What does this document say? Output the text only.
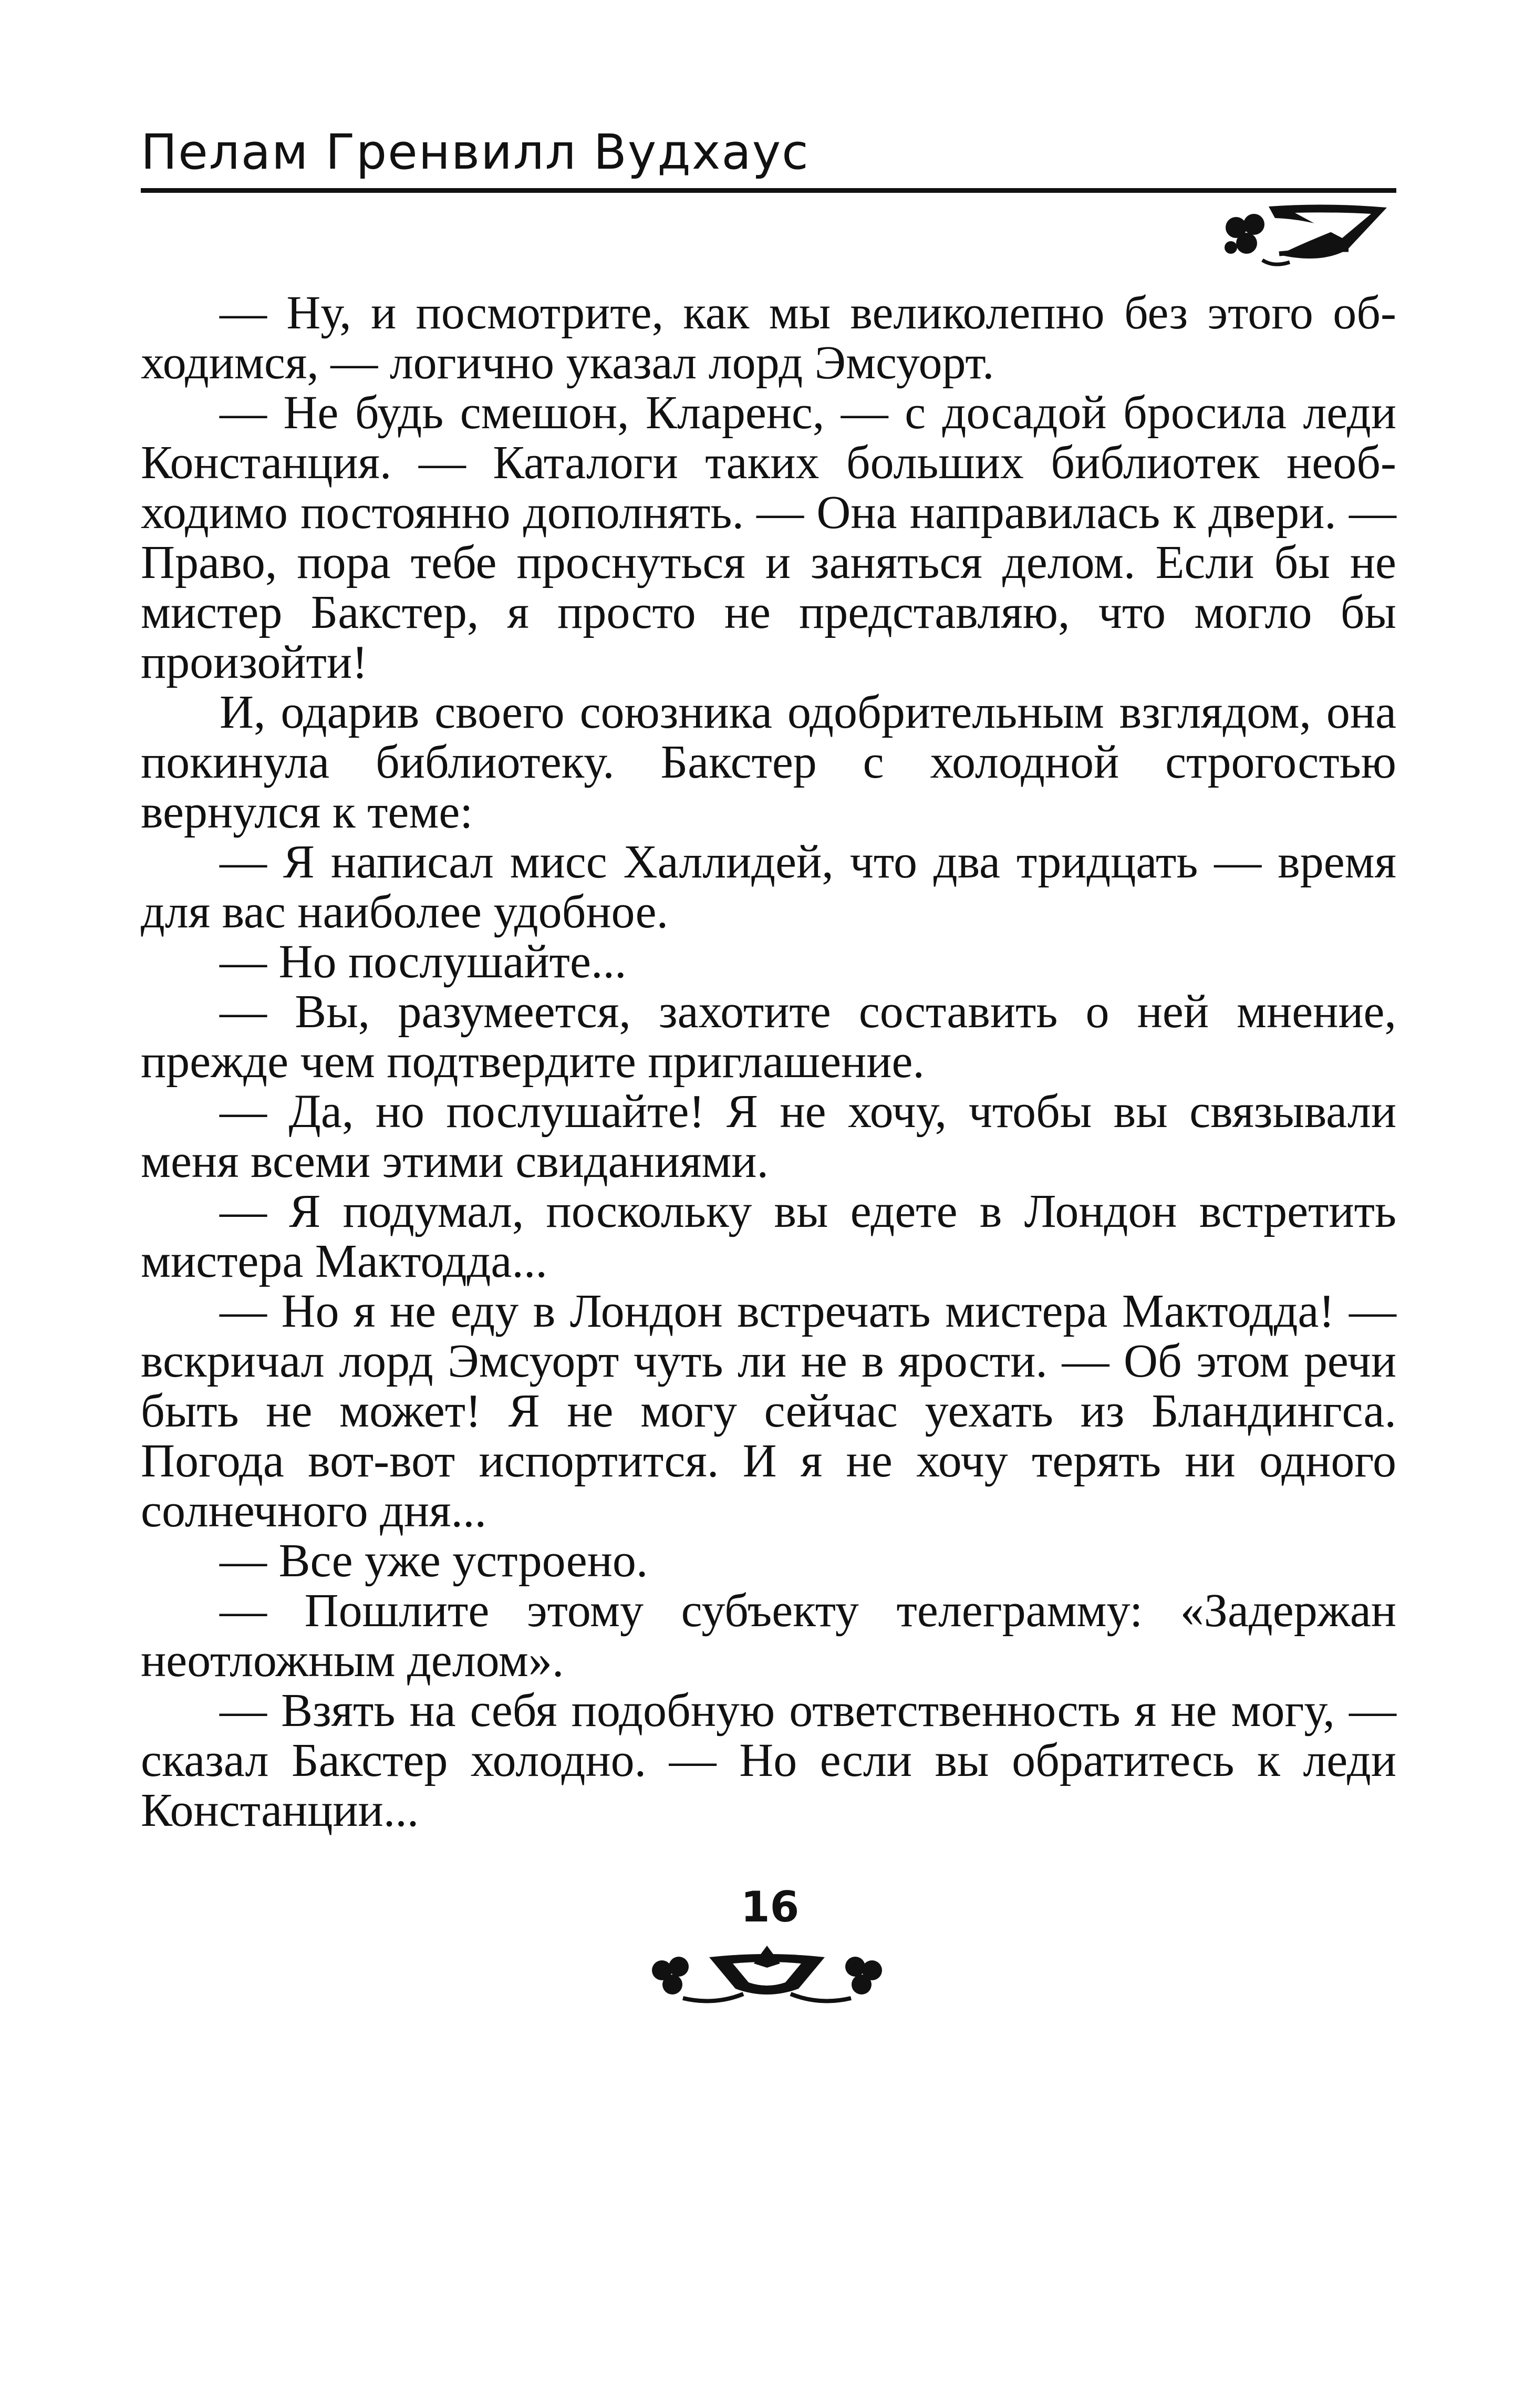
Пелам Гренвилл Вудхаус

— Ну, и посмотрите, как мы великолепно без этого обходимся, — логично указал лорд Эмсуорт.

— Не будь смешон, Кларенс, — с досадой бросила леди Констанция. — Каталоги таких больших библиотек необходимо постоянно дополнять. — Она направилась к двери. — Право, пора тебе проснуться и заняться делом. Если бы не мистер Бакстер, я просто не представляю, что могло бы произойти!

И, одарив своего союзника одобрительным взглядом, она покинула библиотеку. Бакстер с холодной строгостью вернулся к теме:

— Я написал мисс Халлидей, что два тридцать — время для вас наиболее удобное.

— Но послушайте...

— Вы, разумеется, захотите составить о ней мнение, прежде чем подтвердите приглашение.

— Да, но послушайте! Я не хочу, чтобы вы связывали меня всеми этими свиданиями.

— Я подумал, поскольку вы едете в Лондон встретить мистера Мактодда...

— Но я не еду в Лондон встречать мистера Мактодда! — вскричал лорд Эмсуорт чуть ли не в ярости. — Об этом речи быть не может! Я не могу сейчас уехать из Бландингса. Погода вот-вот испортится. И я не хочу терять ни одного солнечного дня...

— Все уже устроено.

— Пошлите этому субъекту телеграмму: «Задержан неотложным делом».

— Взять на себя подобную ответственность я не могу, — сказал Бакстер холодно. — Но если вы обратитесь к леди Констанции...

16
